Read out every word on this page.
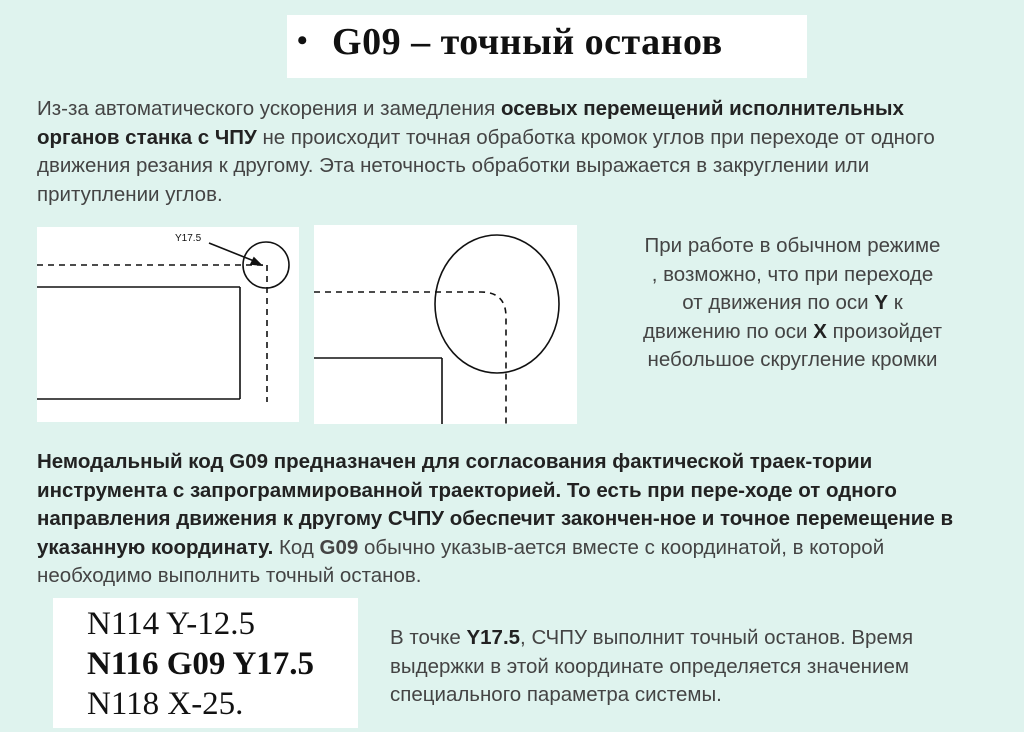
• G09 – точный останов
Из-за автоматического ускорения и замедления осевых перемещений исполнительных органов станка с ЧПУ не происходит точная обработка кромок углов при переходе от одного движения резания к другому. Эта неточность обработки выражается в закруглении или притуплении углов.
Y17.5	При работе в обычном режиме , возможно, что при переходе от движения по оси Y к движению по оси X произойдет небольшое скругление кромки
Немодальный код G09 предназначен для согласования фактической траек-тории инструмента с запрограммированной траекторией. То есть при пере-ходе от одного направления движения к другому СЧПУ обеспечит закончен-ное и точное перемещение в указанную координату. Код G09 обычно указыв-ается вместе с координатой, в которой необходимо выполнить точный останов.
N114 Y-12.5
N116 G09 Y17.5
N118 X-25.
В точке Y17.5, СЧПУ выполнит точный останов. Время выдержки в этой координате определяется значением специального параметра системы.
